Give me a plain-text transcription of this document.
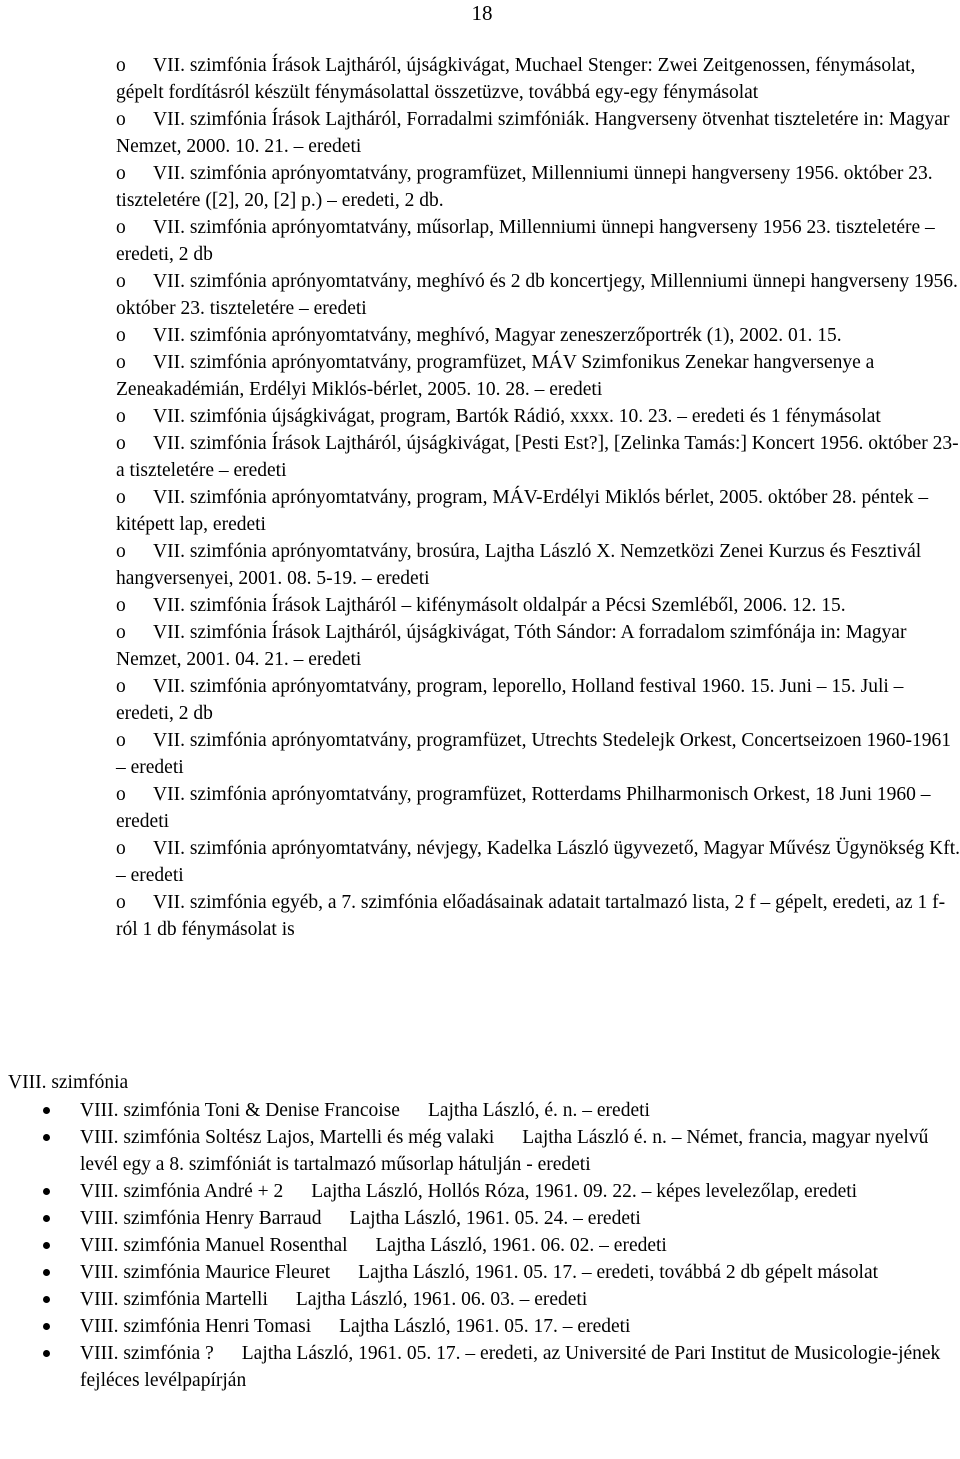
18
o VII. szimfónia Írások Lajtháról, újságkivágat, Muchael Stenger: Zwei Zeitgenossen, fénymásolat, gépelt fordításról készült fénymásolattal összetüzve, továbbá egy-egy fénymásolat
o VII. szimfónia Írások Lajtháról, Forradalmi szimfóniák. Hangverseny ötvenhat tiszteletére in: Magyar Nemzet, 2000. 10. 21. – eredeti
o VII. szimfónia aprónyomtatvány, programfüzet, Millenniumi ünnepi hangverseny 1956. október 23. tiszteletére ([2], 20, [2] p.) – eredeti, 2 db.
o VII. szimfónia aprónyomtatvány, műsorlap, Millenniumi ünnepi hangverseny 1956 23. tiszteletére – eredeti, 2 db
o VII. szimfónia aprónyomtatvány, meghívó és 2 db koncertjegy, Millenniumi ünnepi hangverseny 1956. október 23. tiszteletére – eredeti
o VII. szimfónia aprónyomtatvány, meghívó, Magyar zeneszerzőportrék (1), 2002. 01. 15.
o VII. szimfónia aprónyomtatvány, programfüzet, MÁV Szimfonikus Zenekar hangversenye a Zeneakadémián, Erdélyi Miklós-bérlet, 2005. 10. 28. – eredeti
o VII. szimfónia újságkivágat, program, Bartók Rádió, xxxx. 10. 23. – eredeti és 1 fénymásolat
o VII. szimfónia Írások Lajtháról, újságkivágat, [Pesti Est?], [Zelinka Tamás:] Koncert 1956. október 23-a tiszteletére – eredeti
o VII. szimfónia aprónyomtatvány, program, MÁV-Erdélyi Miklós bérlet, 2005. október 28. péntek – kitépett lap, eredeti
o VII. szimfónia aprónyomtatvány, brosúra, Lajtha László X. Nemzetközi Zenei Kurzus és Fesztivál hangversenyei, 2001. 08. 5-19. – eredeti
o VII. szimfónia Írások Lajtháról – kifénymásolt oldalpár a Pécsi Szemléből, 2006. 12. 15.
o VII. szimfónia Írások Lajtháról, újságkivágat, Tóth Sándor: A forradalom szimfónája in: Magyar Nemzet, 2001. 04. 21. – eredeti
o VII. szimfónia aprónyomtatvány, program, leporello, Holland festival 1960. 15. Juni – 15. Juli – eredeti, 2 db
o VII. szimfónia aprónyomtatvány, programfüzet, Utrechts Stedelejk Orkest, Concertseizoen 1960-1961 – eredeti
o VII. szimfónia aprónyomtatvány, programfüzet, Rotterdams Philharmonisch Orkest, 18 Juni 1960 – eredeti
o VII. szimfónia aprónyomtatvány, névjegy, Kadelka László ügyvezető, Magyar Művész Ügynökség Kft. – eredeti
o VII. szimfónia egyéb, a 7. szimfónia előadásainak adatait tartalmazó lista, 2 f – gépelt, eredeti, az 1 f-ról 1 db fénymásolat is
VIII. szimfónia
VIII. szimfónia Toni & Denise Francoise Lajtha László, é. n. – eredeti
VIII. szimfónia Soltész Lajos, Martelli és még valaki Lajtha László é. n. – Német, francia, magyar nyelvű levél egy a 8. szimfóniát is tartalmazó műsorlap hátulján - eredeti
VIII. szimfónia André + 2 Lajtha László, Hollós Róza, 1961. 09. 22. – képes levelezőlap, eredeti
VIII. szimfónia Henry Barraud Lajtha László, 1961. 05. 24. – eredeti
VIII. szimfónia Manuel Rosenthal Lajtha László, 1961. 06. 02. – eredeti
VIII. szimfónia Maurice Fleuret Lajtha László, 1961. 05. 17. – eredeti, továbbá 2 db gépelt másolat
VIII. szimfónia Martelli Lajtha László, 1961. 06. 03. – eredeti
VIII. szimfónia Henri Tomasi Lajtha László, 1961. 05. 17. – eredeti
VIII. szimfónia ? Lajtha László, 1961. 05. 17. – eredeti, az Université de Pari Institut de Musicologie-jének fejléces levélpapírján
